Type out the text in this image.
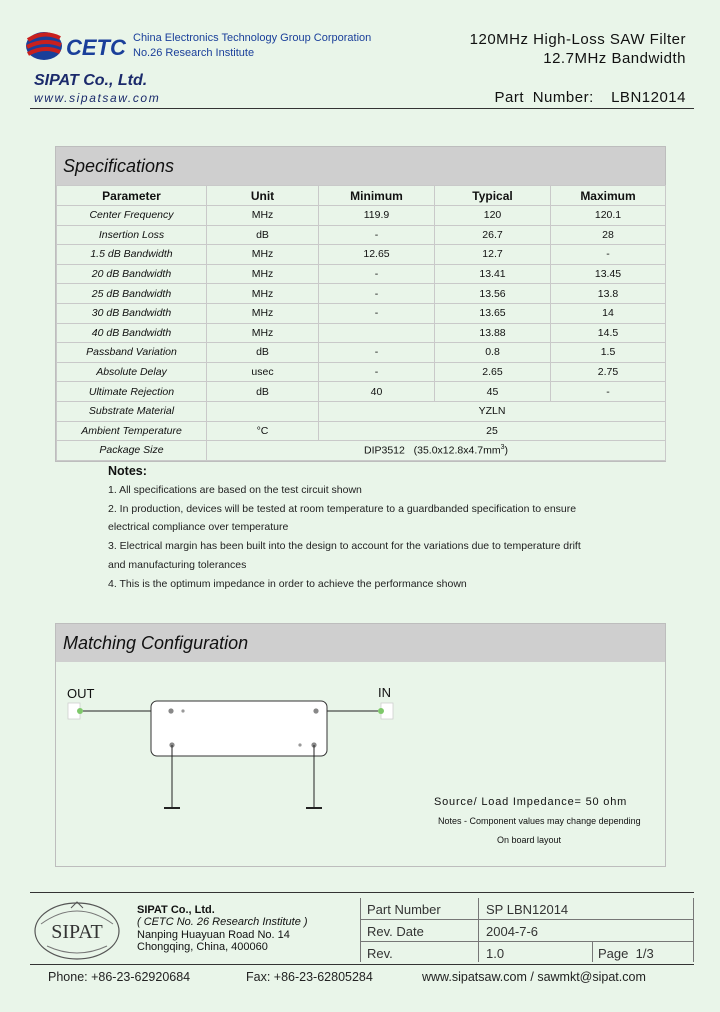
CETC China Electronics Technology Group Corporation
No.26 Research Institute
SIPAT Co., Ltd.
www.sipatsaw.com
120MHz High-Loss SAW Filter
12.7MHz Bandwidth
Part Number: LBN12014
Specifications
Parameter	Unit	Minimum	Typical	Maximum
Center Frequency	MHz	119.9	120	120.1
Insertion Loss	dB	-	26.7	28
1.5 dB Bandwidth	MHz	12.65	12.7	-
20 dB Bandwidth	MHz	-	13.41	13.45
25 dB Bandwidth	MHz	-	13.56	13.8
30 dB Bandwidth	MHz	-	13.65	14
40 dB Bandwidth	MHz		13.88	14.5
Passband Variation	dB	-	0.8	1.5
Absolute Delay	usec	-	2.65	2.75
Ultimate Rejection	dB	40	45	-
Substrate Material		YZLN		
Ambient Temperature	°C	25		
Package Size	DIP3512   $(35.0x12.8x4.7mm^3)$			
Notes:
1. All specifications are based on the test circuit shown
2. In production, devices will be tested at room temperature to a guardbanded specification to ensure
electrical compliance over temperature
3. Electrical margin has been built into the design to account for the variations due to temperature drift
and manufacturing tolerances
4. This is the optimum impedance in order to achieve the performance shown
Matching Configuration
OUT	IN
Source/ Load Impedance= 50 ohm
Notes - Component values may change depending
On board layout
SIPAT
SIPAT Co., Ltd.
( CETC No. 26 Research Institute )
Nanping Huayuan Road No. 14
Chongqing, China, 400060
Part Number	SP LBN12014
Rev. Date	2004-7-6
Rev.	1.0	Page 1/3
Phone: +86-23-62920684	Fax: +86-23-62805284	www.sipatsaw.com / sawmkt@sipat.com
